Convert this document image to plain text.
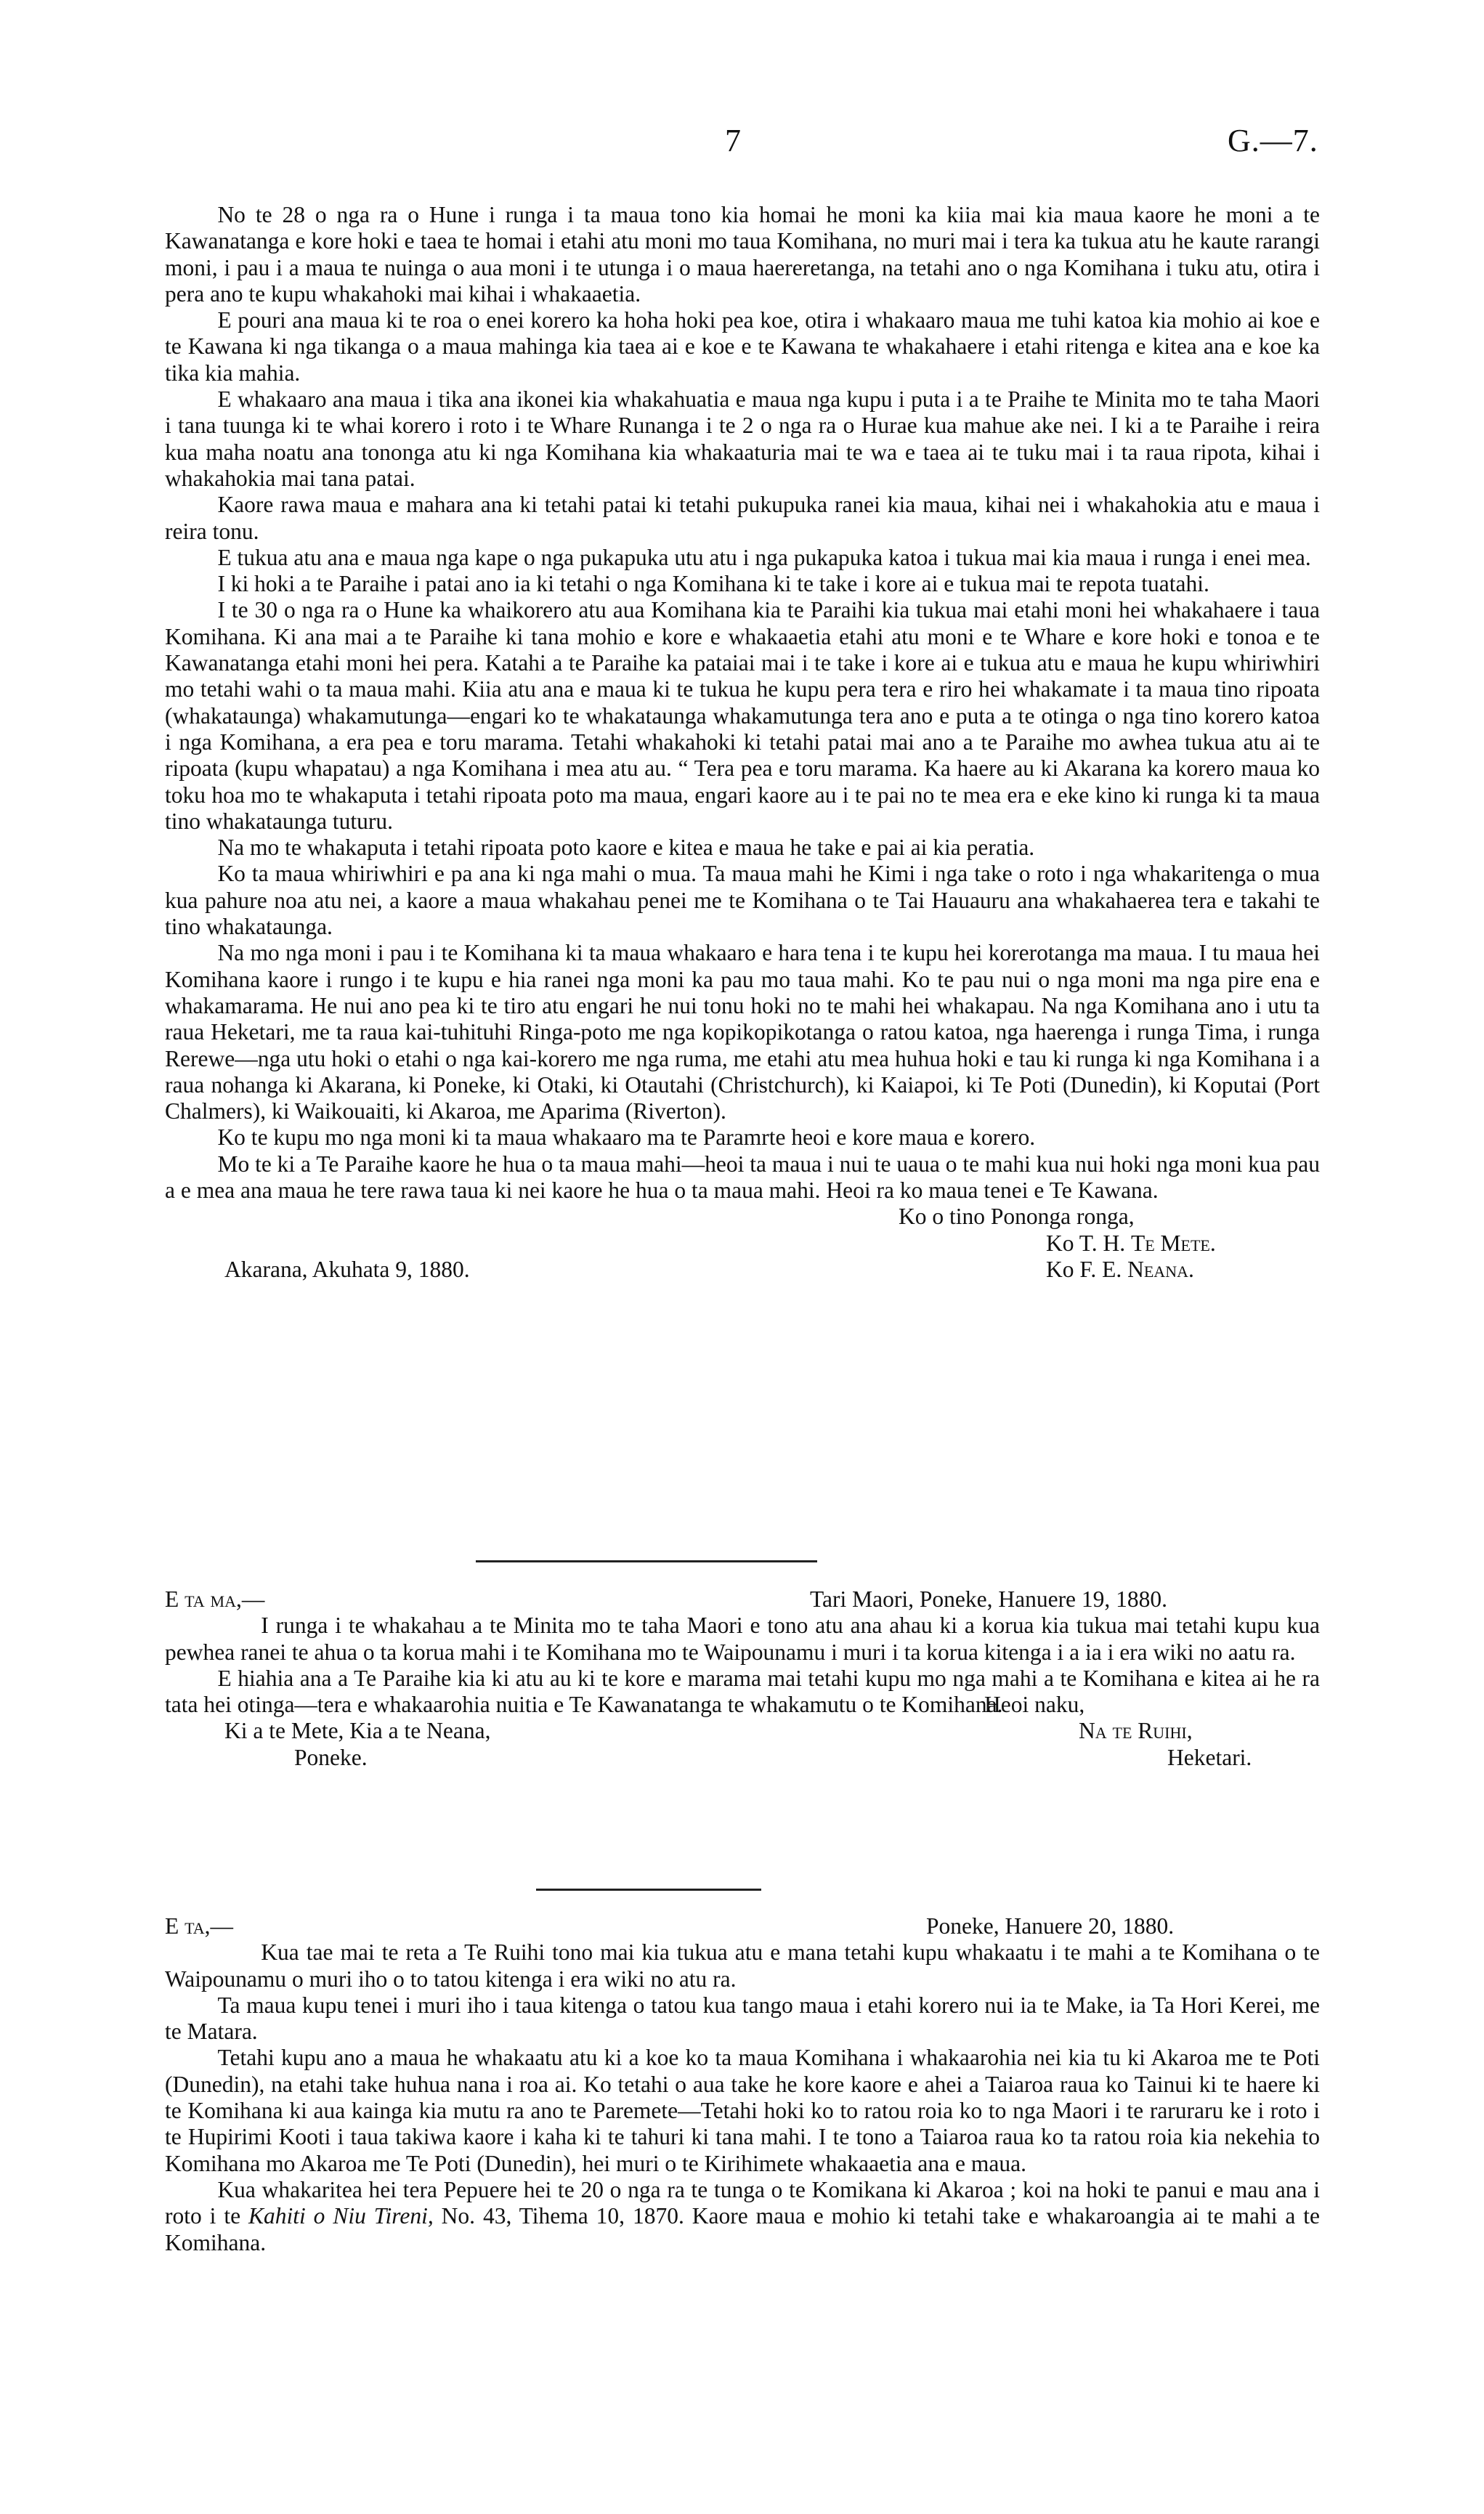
7	G.—7.

No te 28 o nga ra o Hune i runga i ta maua tono kia homai he moni ka kiia mai kia maua kaore he moni a te Kawanatanga e kore hoki e taea te homai i etahi atu moni mo taua Komihana, no muri mai i tera ka tukua atu he kaute rarangi moni, i pau i a maua te nuinga o aua moni i te utunga i o maua haereretanga, na tetahi ano o nga Komihana i tuku atu, otira i pera ano te kupu whakahoki mai kihai i whakaaetia.

E pouri ana maua ki te roa o enei korero ka hoha hoki pea koe, otira i whakaaro maua me tuhi katoa kia mohio ai koe e te Kawana ki nga tikanga o a maua mahinga kia taea ai e koe e te Kawana te whakahaere i etahi ritenga e kitea ana e koe ka tika kia mahia.

E whakaaro ana maua i tika ana ikonei kia whakahuatia e maua nga kupu i puta i a te Praihe te Minita mo te taha Maori i tana tuunga ki te whai korero i roto i te Whare Runanga i te 2 o nga ra o Hurae kua mahue ake nei. I ki a te Paraihe i reira kua maha noatu ana tononga atu ki nga Komihana kia whakaaturia mai te wa e taea ai te tuku mai i ta raua ripota, kihai i whakahokia mai tana patai.

Kaore rawa maua e mahara ana ki tetahi patai ki tetahi pukupuka ranei kia maua, kihai nei i whakahokia atu e maua i reira tonu.

E tukua atu ana e maua nga kape o nga pukapuka utu atu i nga pukapuka katoa i tukua mai kia maua i runga i enei mea.

I ki hoki a te Paraihe i patai ano ia ki tetahi o nga Komihana ki te take i kore ai e tukua mai te repota tuatahi.

I te 30 o nga ra o Hune ka whaikorero atu aua Komihana kia te Paraihi kia tukua mai etahi moni hei whakahaere i taua Komihana. Ki ana mai a te Paraihe ki tana mohio e kore e whakaaetia etahi atu moni e te Whare e kore hoki e tonoa e te Kawanatanga etahi moni hei pera. Katahi a te Paraihe ka pataiai mai i te take i kore ai e tukua atu e maua he kupu whiriwhiri mo tetahi wahi o ta maua mahi. Kiia atu ana e maua ki te tukua he kupu pera tera e riro hei whakamate i ta maua tino ripoata (whakataunga) whakamutunga—engari ko te whakataunga whakamutunga tera ano e puta a te otinga o nga tino korero katoa i nga Komihana, a era pea e toru marama. Tetahi whakahoki ki tetahi patai mai ano a te Paraihe mo awhea tukua atu ai te ripoata (kupu whapatau) a nga Komihana i mea atu au. “ Tera pea e toru marama. Ka haere au ki Akarana ka korero maua ko toku hoa mo te whakaputa i tetahi ripoata poto ma maua, engari kaore au i te pai no te mea era e eke kino ki runga ki ta maua tino whakataunga tuturu.

Na mo te whakaputa i tetahi ripoata poto kaore e kitea e maua he take e pai ai kia peratia.

Ko ta maua whiriwhiri e pa ana ki nga mahi o mua. Ta maua mahi he Kimi i nga take o roto i nga whakaritenga o mua kua pahure noa atu nei, a kaore a maua whakahau penei me te Komihana o te Tai Hauauru ana whakahaerea tera e takahi te tino whakataunga.

Na mo nga moni i pau i te Komihana ki ta maua whakaaro e hara tena i te kupu hei korerotanga ma maua. I tu maua hei Komihana kaore i rungo i te kupu e hia ranei nga moni ka pau mo taua mahi. Ko te pau nui o nga moni ma nga pire ena e whakamarama. He nui ano pea ki te tiro atu engari he nui tonu hoki no te mahi hei whakapau. Na nga Komihana ano i utu ta raua Heketari, me ta raua kai-tuhituhi Ringa-poto me nga kopikopikotanga o ratou katoa, nga haerenga i runga Tima, i runga Rerewe—nga utu hoki o etahi o nga kai-korero me nga ruma, me etahi atu mea huhua hoki e tau ki runga ki nga Komihana i a raua nohanga ki Akarana, ki Poneke, ki Otaki, ki Otautahi (Christchurch), ki Kaiapoi, ki Te Poti (Dunedin), ki Koputai (Port Chalmers), ki Waikouaiti, ki Akaroa, me Aparima (Riverton).

Ko te kupu mo nga moni ki ta maua whakaaro ma te Paramrte heoi e kore maua e korero.

Mo te ki a Te Paraihe kaore he hua o ta maua mahi—heoi ta maua i nui te uaua o te mahi kua nui hoki nga moni kua pau a e mea ana maua he tere rawa taua ki nei kaore he hua o ta maua mahi. Heoi ra ko maua tenei e Te Kawana.

Ko o tino Pononga ronga,
Ko T. H. Te Mete.
Akarana, Akuhata 9, 1880.	Ko F. E. Neana.
E ta ma,—	Tari Maori, Poneke, Hanuere 19, 1880.

I runga i te whakahau a te Minita mo te taha Maori e tono atu ana ahau ki a korua kia tukua mai tetahi kupu kua pewhea ranei te ahua o ta korua mahi i te Komihana mo te Waipounamu i muri i ta korua kitenga i a ia i era wiki no aatu ra.

E hiahia ana a Te Paraihe kia ki atu au ki te kore e marama mai tetahi kupu mo nga mahi a te Komihana e kitea ai he ra tata hei otinga—tera e whakaarohia nuitia e Te Kawanatanga te whakamutu o te Komihana.

Heoi naku,
Ki a te Mete, Kia a te Neana,	Na te Ruihi,
Poneke.	Heketari.
E ta,—	Poneke, Hanuere 20, 1880.

Kua tae mai te reta a Te Ruihi tono mai kia tukua atu e mana tetahi kupu whakaatu i te mahi a te Komihana o te Waipounamu o muri iho o to tatou kitenga i era wiki no atu ra.

Ta maua kupu tenei i muri iho i taua kitenga o tatou kua tango maua i etahi korero nui ia te Make, ia Ta Hori Kerei, me te Matara.

Tetahi kupu ano a maua he whakaatu atu ki a koe ko ta maua Komihana i whakaarohia nei kia tu ki Akaroa me te Poti (Dunedin), na etahi take huhua nana i roa ai. Ko tetahi o aua take he kore kaore e ahei a Taiaroa raua ko Tainui ki te haere ki te Komihana ki aua kainga kia mutu ra ano te Paremete—Tetahi hoki ko to ratou roia ko to nga Maori i te raruraru ke i roto i te Hupirimi Kooti i taua takiwa kaore i kaha ki te tahuri ki tana mahi. I te tono a Taiaroa raua ko ta ratou roia kia nekehia to Komihana mo Akaroa me Te Poti (Dunedin), hei muri o te Kirihimete whakaaetia ana e maua.

Kua whakaritea hei tera Pepuere hei te 20 o nga ra te tunga o te Komikana ki Akaroa ; koi na hoki te panui e mau ana i roto i te Kahiti o Niu Tireni, No. 43, Tihema 10, 1870. Kaore maua e mohio ki tetahi take e whakaroangia ai te mahi a te Komihana.
